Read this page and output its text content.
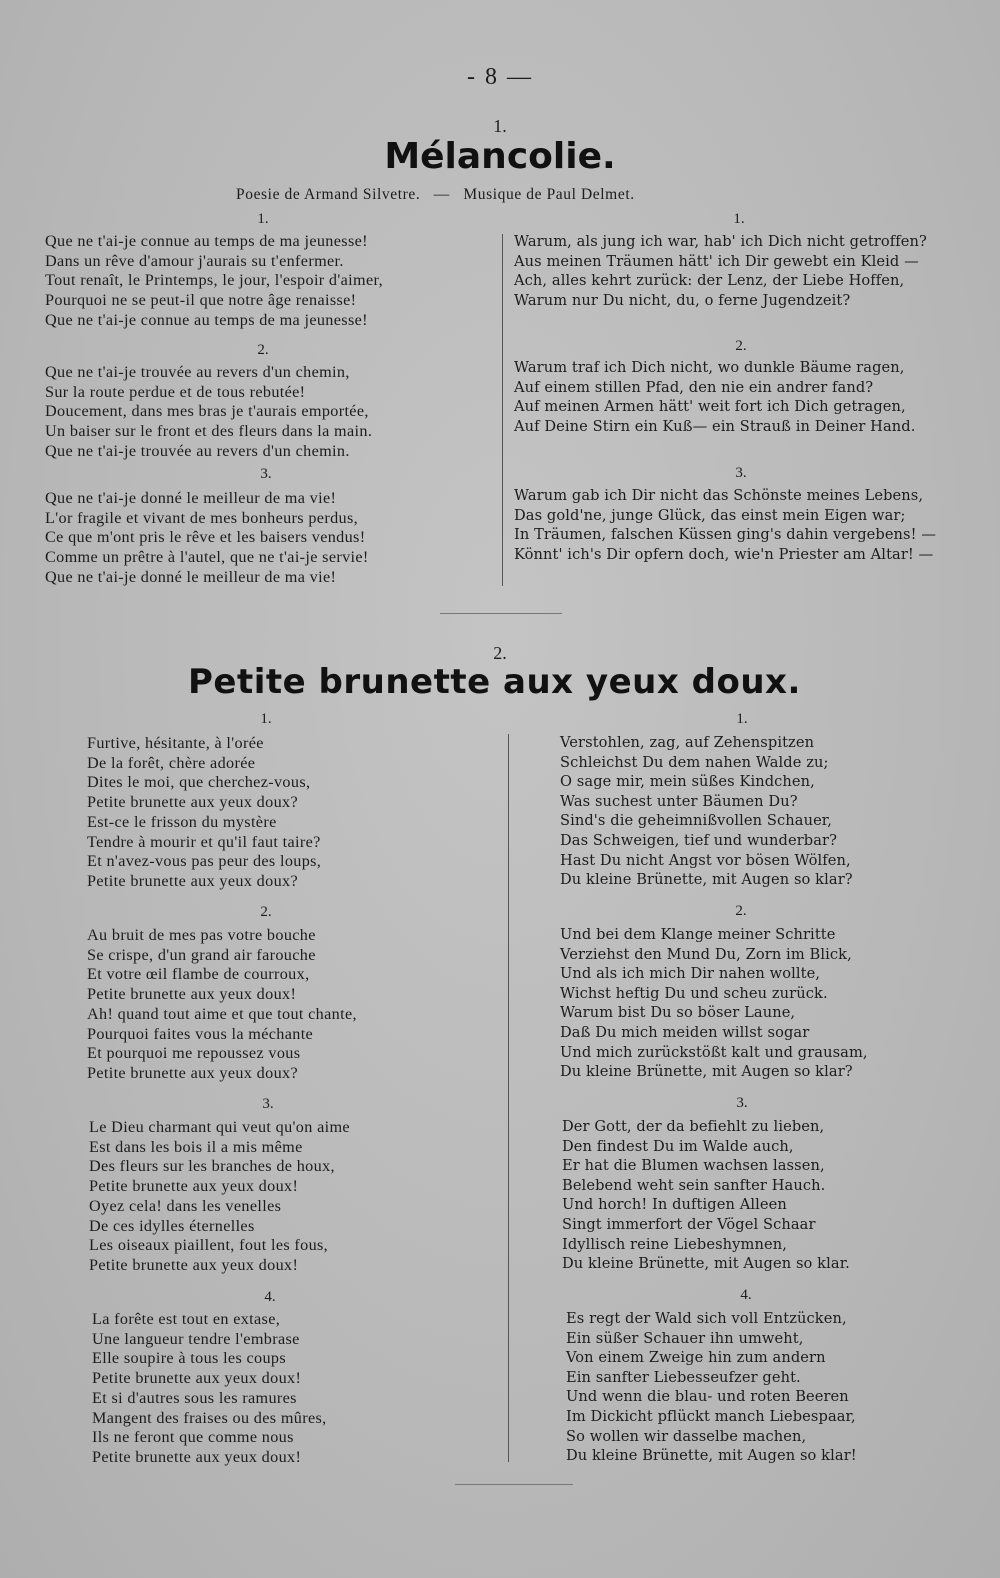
- 8 —
1.
Mélancolie.
Poesie de Armand Silvetre. — Musique de Paul Delmet.
1.
Que ne t'ai-je connue au temps de ma jeunesse!
Dans un rêve d'amour j'aurais su t'enfermer.
Tout renaît, le Printemps, le jour, l'espoir d'aimer,
Pourquoi ne se peut-il que notre âge renaisse!
Que ne t'ai-je connue au temps de ma jeunesse!
2.
Que ne t'ai-je trouvée au revers d'un chemin,
Sur la route perdue et de tous rebutée!
Doucement, dans mes bras je t'aurais emportée,
Un baiser sur le front et des fleurs dans la main.
Que ne t'ai-je trouvée au revers d'un chemin.
3.
Que ne t'ai-je donné le meilleur de ma vie!
L'or fragile et vivant de mes bonheurs perdus,
Ce que m'ont pris le rêve et les baisers vendus!
Comme un prêtre à l'autel, que ne t'ai-je servie!
Que ne t'ai-je donné le meilleur de ma vie!
1.
Warum, als jung ich war, hab' ich Dich nicht getroffen?
Aus meinen Träumen hätt' ich Dir gewebt ein Kleid —
Ach, alles kehrt zurück: der Lenz, der Liebe Hoffen,
Warum nur Du nicht, du, o ferne Jugendzeit?
2.
Warum traf ich Dich nicht, wo dunkle Bäume ragen,
Auf einem stillen Pfad, den nie ein andrer fand?
Auf meinen Armen hätt' weit fort ich Dich getragen,
Auf Deine Stirn ein Kuß— ein Strauß in Deiner Hand.
3.
Warum gab ich Dir nicht das Schönste meines Lebens,
Das gold'ne, junge Glück, das einst mein Eigen war;
In Träumen, falschen Küssen ging's dahin vergebens! —
Könnt' ich's Dir opfern doch, wie'n Priester am Altar! —
2.
Petite brunette aux yeux doux.
1.
Furtive, hésitante, à l'orée
De la forêt, chère adorée
Dites le moi, que cherchez-vous,
Petite brunette aux yeux doux?
Est-ce le frisson du mystère
Tendre à mourir et qu'il faut taire?
Et n'avez-vous pas peur des loups,
Petite brunette aux yeux doux?
2.
Au bruit de mes pas votre bouche
Se crispe, d'un grand air farouche
Et votre œil flambe de courroux,
Petite brunette aux yeux doux!
Ah! quand tout aime et que tout chante,
Pourquoi faites vous la méchante
Et pourquoi me repoussez vous
Petite brunette aux yeux doux?
3.
Le Dieu charmant qui veut qu'on aime
Est dans les bois il a mis même
Des fleurs sur les branches de houx,
Petite brunette aux yeux doux!
Oyez cela! dans les venelles
De ces idylles éternelles
Les oiseaux piaillent, fout les fous,
Petite brunette aux yeux doux!
4.
La forête est tout en extase,
Une langueur tendre l'embrase
Elle soupire à tous les coups
Petite brunette aux yeux doux!
Et si d'autres sous les ramures
Mangent des fraises ou des mûres,
Ils ne feront que comme nous
Petite brunette aux yeux doux!
1.
Verstohlen, zag, auf Zehenspitzen
Schleichst Du dem nahen Walde zu;
O sage mir, mein süßes Kindchen,
Was suchest unter Bäumen Du?
Sind's die geheimnißvollen Schauer,
Das Schweigen, tief und wunderbar?
Hast Du nicht Angst vor bösen Wölfen,
Du kleine Brünette, mit Augen so klar?
2.
Und bei dem Klange meiner Schritte
Verziehst den Mund Du, Zorn im Blick,
Und als ich mich Dir nahen wollte,
Wichst heftig Du und scheu zurück.
Warum bist Du so böser Laune,
Daß Du mich meiden willst sogar
Und mich zurückstößt kalt und grausam,
Du kleine Brünette, mit Augen so klar?
3.
Der Gott, der da befiehlt zu lieben,
Den findest Du im Walde auch,
Er hat die Blumen wachsen lassen,
Belebend weht sein sanfter Hauch.
Und horch! In duftigen Alleen
Singt immerfort der Vögel Schaar
Idyllisch reine Liebeshymnen,
Du kleine Brünette, mit Augen so klar.
4.
Es regt der Wald sich voll Entzücken,
Ein süßer Schauer ihn umweht,
Von einem Zweige hin zum andern
Ein sanfter Liebesseufzer geht.
Und wenn die blau- und roten Beeren
Im Dickicht pflückt manch Liebespaar,
So wollen wir dasselbe machen,
Du kleine Brünette, mit Augen so klar!
